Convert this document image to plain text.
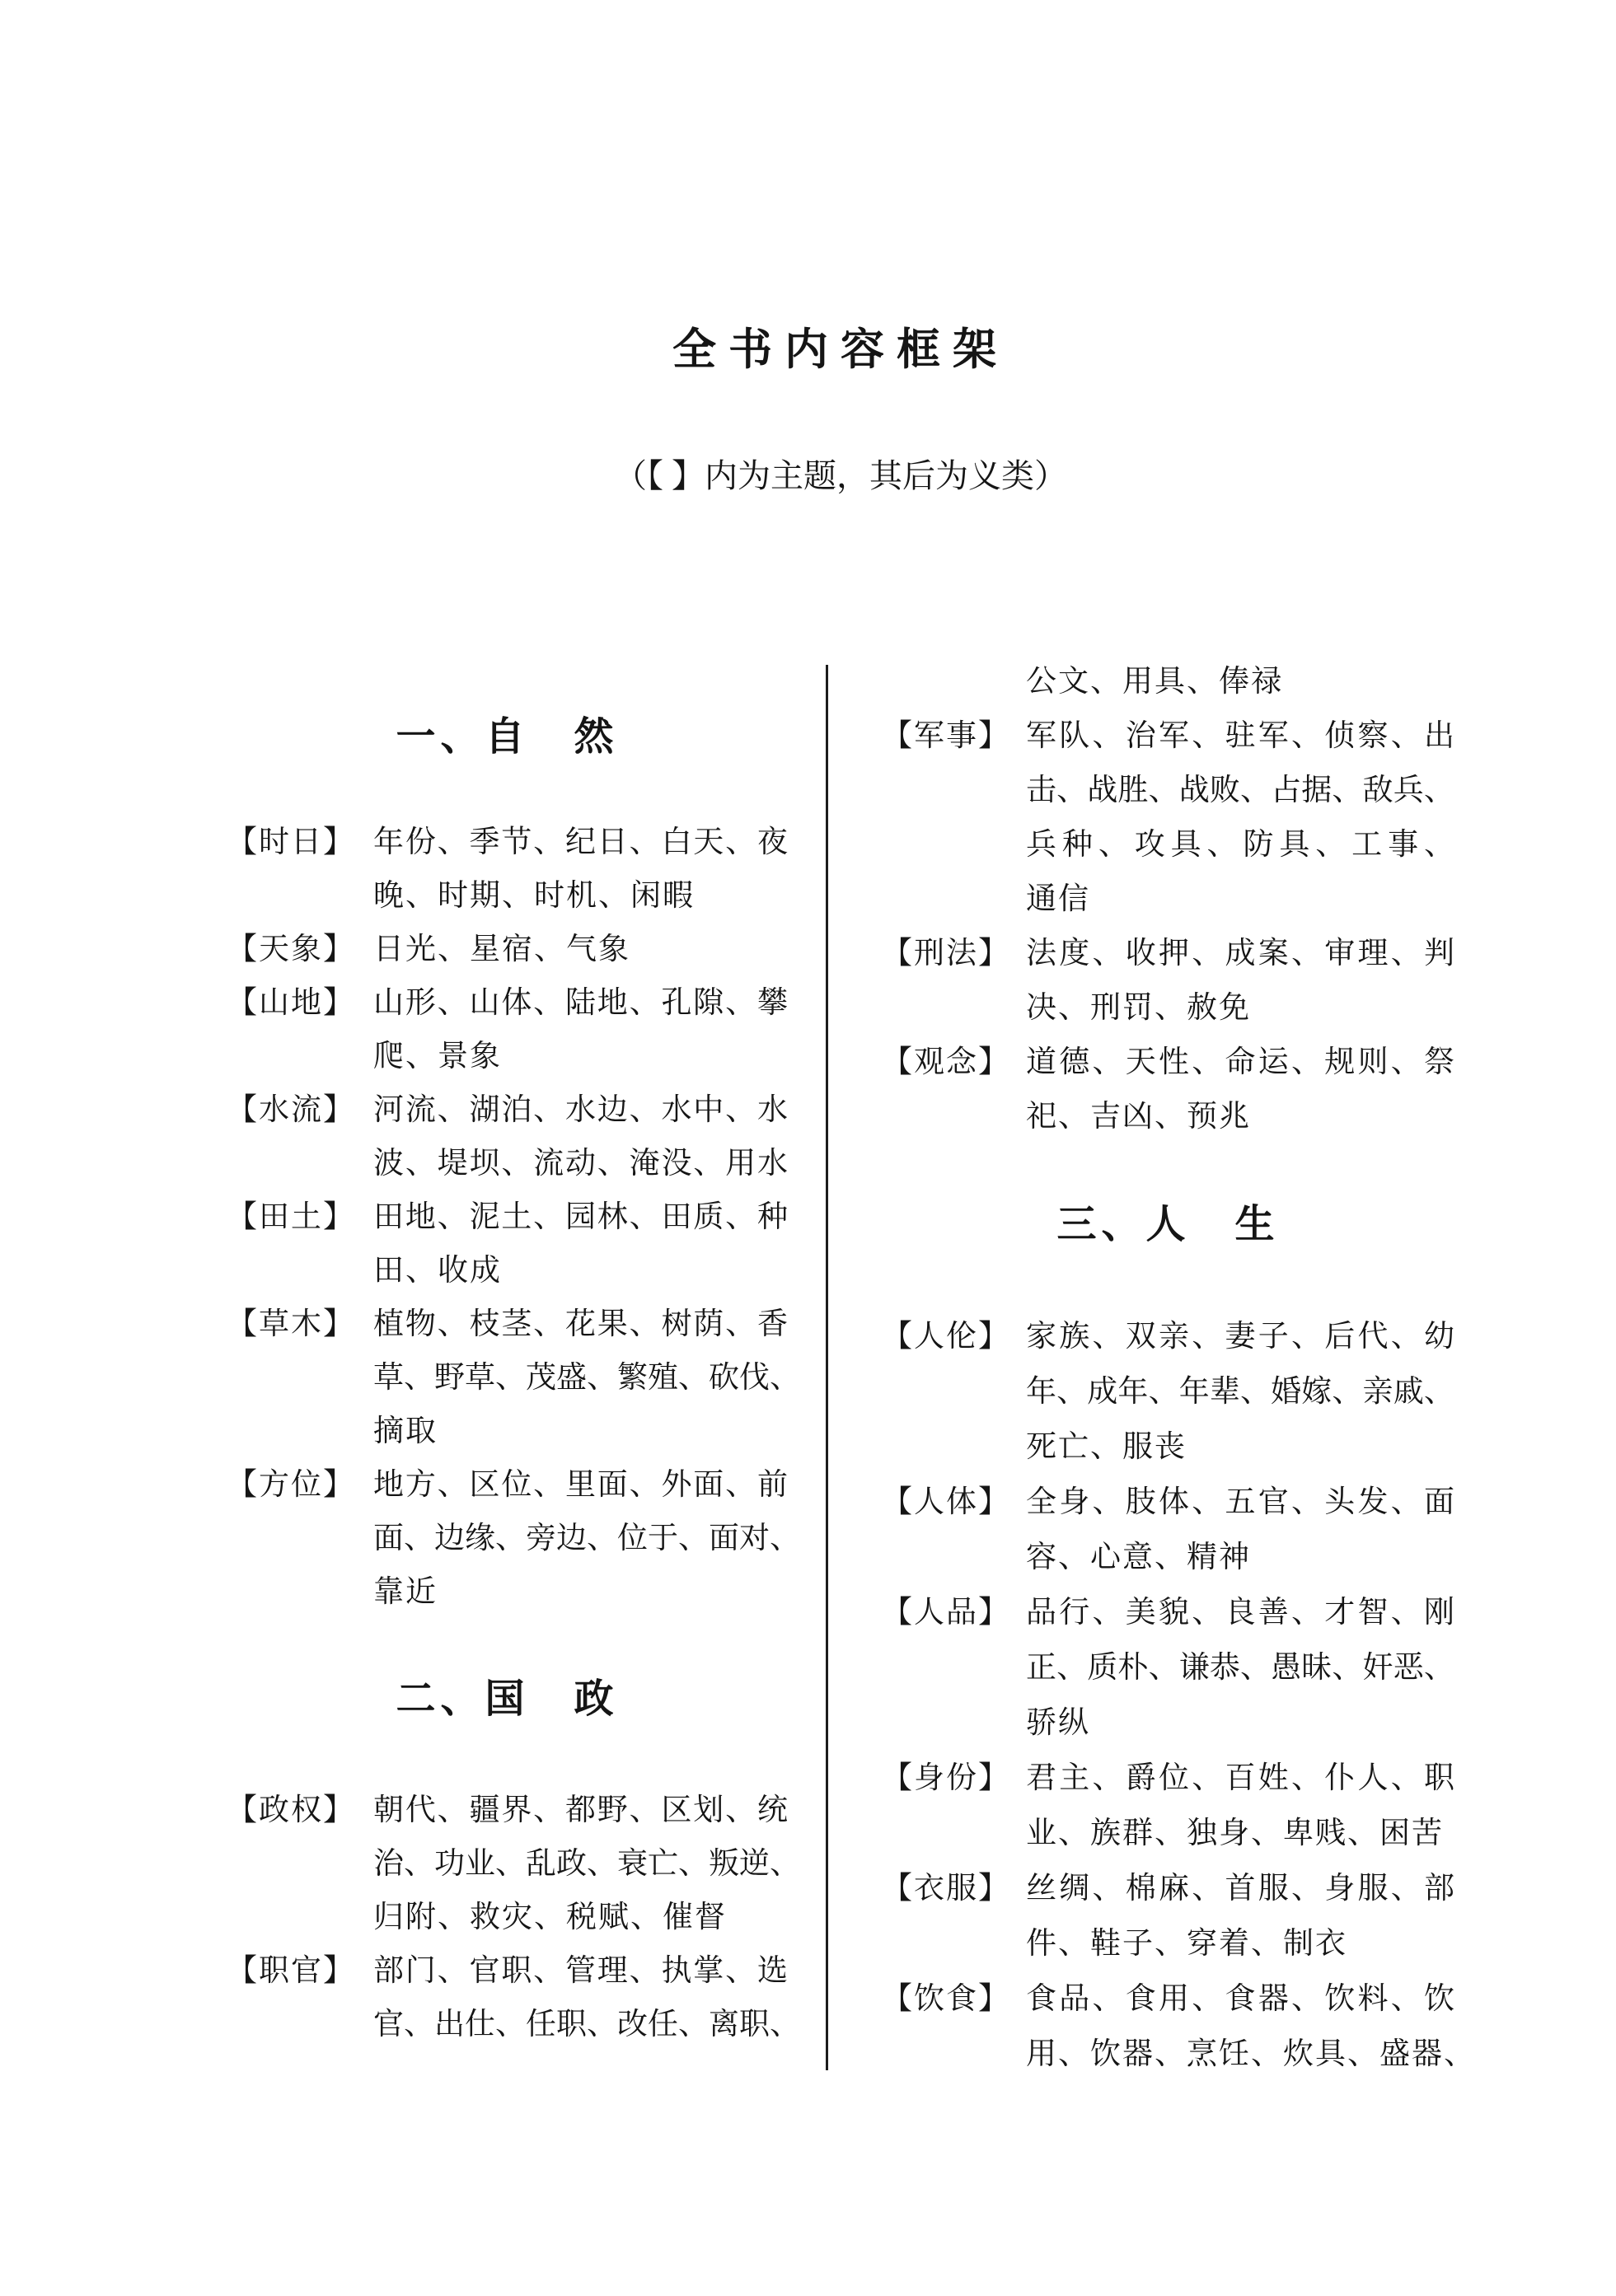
全书内容框架
（【 】内为主题，其后为义类）
一、自　然
【时日】 年 份 、 季 节 、 纪 日 、 白 天 、 夜
晚、时期、时机、闲暇
【天象】 日光、星宿、气象
【山地】 山 形 、 山 体 、 陆 地 、 孔 隙 、 攀
爬、景象
【水流】 河 流 、 湖 泊 、 水 边 、 水 中 、 水
波 、 堤 坝 、 流 动 、 淹 没 、 用 水
【田土】 田 地 、 泥 土 、 园 林 、 田 质 、 种
田、收成
【草木】 植 物 、 枝 茎 、 花 果 、 树 荫 、 香
草 、 野 草 、 茂 盛 、 繁 殖 、 砍 伐 、
摘取
【方位】 地 方 、 区 位 、 里 面 、 外 面 、 前
面 、 边 缘 、 旁 边 、 位 于 、 面 对 、
靠近
二、国　政
【政权】 朝 代 、 疆 界 、 都 野 、 区 划 、 统
治 、 功 业 、 乱 政 、 衰 亡 、 叛 逆 、
归附、救灾、税赋、催督
【职官】 部 门 、 官 职 、 管 理 、 执 掌 、 选
官 、 出 仕 、 任 职 、 改 任 、 离 职 、
公文、用具、俸禄
【军事】 军 队 、 治 军 、 驻 军 、 侦 察 、 出
击 、 战 胜 、 战 败 、 占 据 、 敌 兵 、
兵 种 、 攻 具 、 防 具 、 工 事 、
通信
【刑法】 法 度 、 收 押 、 成 案 、 审 理 、 判
决、刑罚、赦免
【观念】 道 德 、 天 性 、 命 运 、 规 则 、 祭
祀、吉凶、预兆
三、人　生
【人伦】 家 族 、 双 亲 、 妻 子 、 后 代 、 幼
年 、 成 年 、 年 辈 、 婚 嫁 、 亲 戚 、
死亡、服丧
【人体】 全 身 、 肢 体 、 五 官 、 头 发 、 面
容、心意、精神
【人品】 品 行 、 美 貌 、 良 善 、 才 智 、 刚
正 、 质 朴 、 谦 恭 、 愚 昧 、 奸 恶 、
骄纵
【身份】 君 主 、 爵 位 、 百 姓 、 仆 人 、 职
业、族群、独身、卑贱、困苦
【衣服】 丝 绸 、 棉 麻 、 首 服 、 身 服 、 部
件、鞋子、穿着、制衣
【饮食】 食 品 、 食 用 、 食 器 、 饮 料 、 饮
用、饮器、烹饪、炊具、盛器、
